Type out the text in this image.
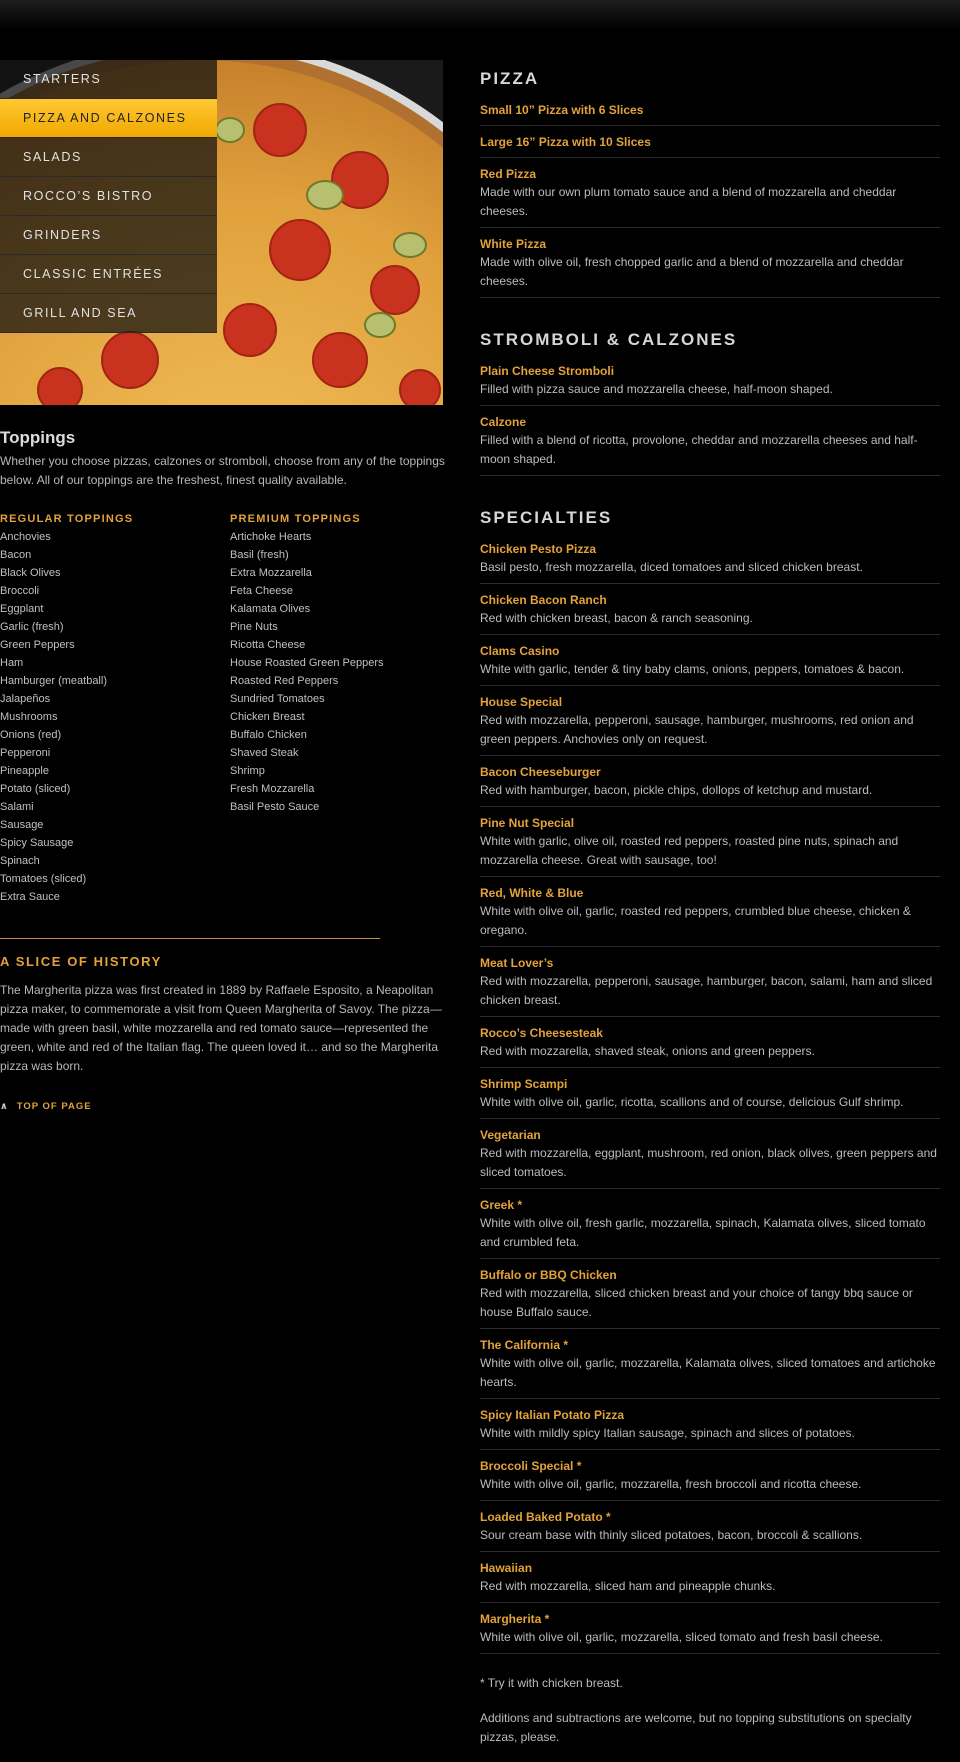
STARTERS
PIZZA AND CALZONES
SALADS
ROCCO’S BISTRO
GRINDERS
CLASSIC ENTRÉES
GRILL AND SEA
Toppings

Whether you choose pizzas, calzones or stromboli, choose from any of the toppings below. All of our toppings are the freshest, finest quality available.

REGULAR TOPPINGS
Anchovies
Bacon
Black Olives
Broccoli
Eggplant
Garlic (fresh)
Green Peppers
Ham
Hamburger (meatball)
Jalapeños
Mushrooms
Onions (red)
Pepperoni
Pineapple
Potato (sliced)
Salami
Sausage
Spicy Sausage
Spinach
Tomatoes (sliced)
Extra Sauce
PREMIUM TOPPINGS
Artichoke Hearts
Basil (fresh)
Extra Mozzarella
Feta Cheese
Kalamata Olives
Pine Nuts
Ricotta Cheese
House Roasted Green Peppers
Roasted Red Peppers
Sundried Tomatoes
Chicken Breast
Buffalo Chicken
Shaved Steak
Shrimp
Fresh Mozzarella
Basil Pesto Sauce
A SLICE OF HISTORY

The Margherita pizza was first created in 1889 by Raffaele Esposito, a Neapolitan pizza maker, to commemorate a visit from Queen Margherita of Savoy. The pizza—made with green basil, white mozzarella and red tomato sauce—represented the green, white and red of the Italian flag. The queen loved it… and so the Margherita pizza was born.

∧ TOP OF PAGE
PIZZA
Small 10” Pizza with 6 Slices
Large 16” Pizza with 10 Slices
Red Pizza
Made with our own plum tomato sauce and a blend of mozzarella and cheddar cheeses.
White Pizza
Made with olive oil, fresh chopped garlic and a blend of mozzarella and cheddar cheeses.
STROMBOLI & CALZONES
Plain Cheese Stromboli
Filled with pizza sauce and mozzarella cheese, half-moon shaped.
Calzone
Filled with a blend of ricotta, provolone, cheddar and mozzarella cheeses and half-moon shaped.
SPECIALTIES
Chicken Pesto Pizza
Basil pesto, fresh mozzarella, diced tomatoes and sliced chicken breast.
Chicken Bacon Ranch
Red with chicken breast, bacon & ranch seasoning.
Clams Casino
White with garlic, tender & tiny baby clams, onions, peppers, tomatoes & bacon.
House Special
Red with mozzarella, pepperoni, sausage, hamburger, mushrooms, red onion and green peppers. Anchovies only on request.
Bacon Cheeseburger
Red with hamburger, bacon, pickle chips, dollops of ketchup and mustard.
Pine Nut Special
White with garlic, olive oil, roasted red peppers, roasted pine nuts, spinach and mozzarella cheese. Great with sausage, too!
Red, White & Blue
White with olive oil, garlic, roasted red peppers, crumbled blue cheese, chicken & oregano.
Meat Lover’s
Red with mozzarella, pepperoni, sausage, hamburger, bacon, salami, ham and sliced chicken breast.
Rocco’s Cheesesteak
Red with mozzarella, shaved steak, onions and green peppers.
Shrimp Scampi
White with olive oil, garlic, ricotta, scallions and of course, delicious Gulf shrimp.
Vegetarian
Red with mozzarella, eggplant, mushroom, red onion, black olives, green peppers and sliced tomatoes.
Greek *
White with olive oil, fresh garlic, mozzarella, spinach, Kalamata olives, sliced tomato and crumbled feta.
Buffalo or BBQ Chicken
Red with mozzarella, sliced chicken breast and your choice of tangy bbq sauce or house Buffalo sauce.
The California *
White with olive oil, garlic, mozzarella, Kalamata olives, sliced tomatoes and artichoke hearts.
Spicy Italian Potato Pizza
White with mildly spicy Italian sausage, spinach and slices of potatoes.
Broccoli Special *
White with olive oil, garlic, mozzarella, fresh broccoli and ricotta cheese.
Loaded Baked Potato *
Sour cream base with thinly sliced potatoes, bacon, broccoli & scallions.
Hawaiian
Red with mozzarella, sliced ham and pineapple chunks.
Margherita *
White with olive oil, garlic, mozzarella, sliced tomato and fresh basil cheese.

* Try it with chicken breast.

Additions and subtractions are welcome, but no topping substitutions on specialty pizzas, please.
